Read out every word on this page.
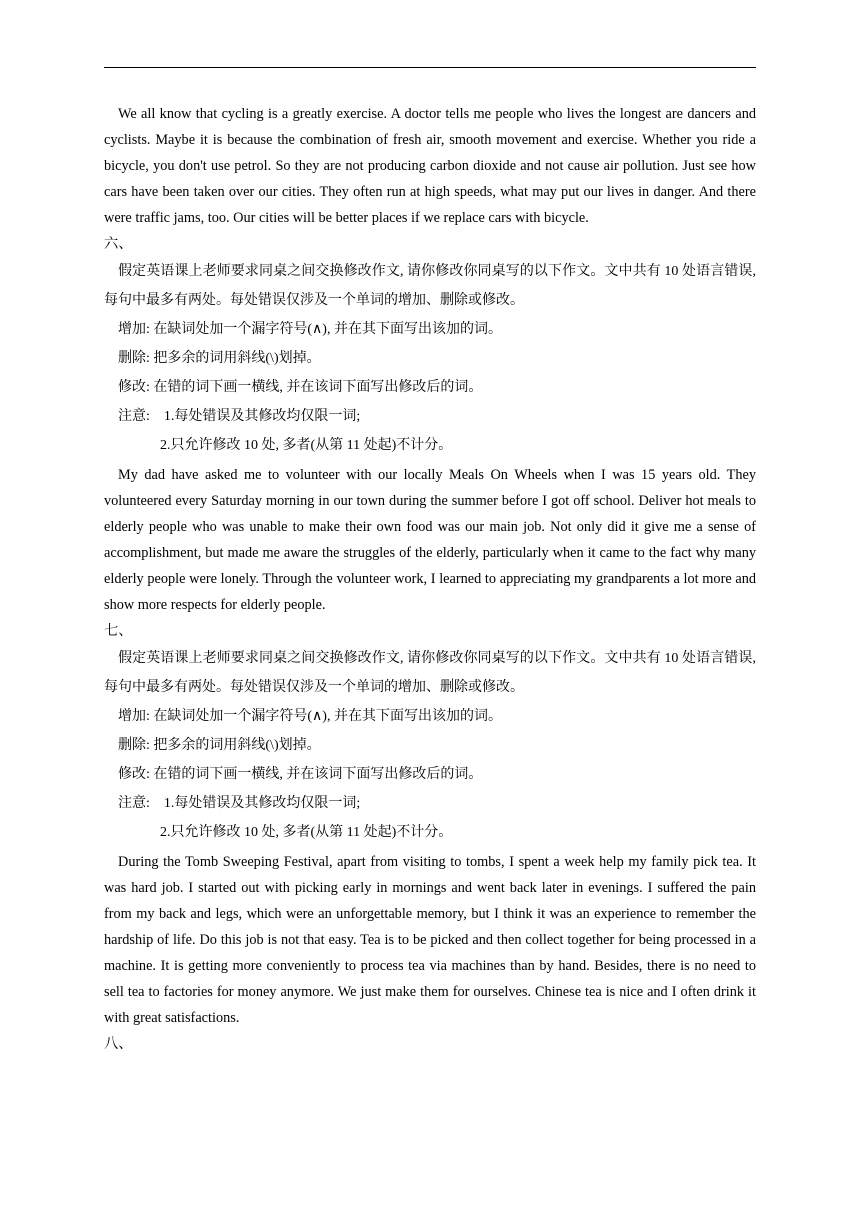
We all know that cycling is a greatly exercise. A doctor tells me people who lives the longest are dancers and cyclists. Maybe it is because the combination of fresh air, smooth movement and exercise. Whether you ride a bicycle, you don't use petrol. So they are not producing carbon dioxide and not cause air pollution. Just see how cars have been taken over our cities. They often run at high speeds, what may put our lives in danger. And there were traffic jams, too. Our cities will be better places if we replace cars with bicycle.

六、

假定英语课上老师要求同桌之间交换修改作文, 请你修改你同桌写的以下作文。文中共有 10 处语言错误, 每句中最多有两处。每处错误仅涉及一个单词的增加、删除或修改。

增加: 在缺词处加一个漏字符号(∧), 并在其下面写出该加的词。

删除: 把多余的词用斜线(\)划掉。

修改: 在错的词下画一横线, 并在该词下面写出修改后的词。

注意:    1.每处错误及其修改均仅限一词;

2.只允许修改 10 处, 多者(从第 11 处起)不计分。

My dad have asked me to volunteer with our locally Meals On Wheels when I was 15 years old. They volunteered every Saturday morning in our town during the summer before I got off school. Deliver hot meals to elderly people who was unable to make their own food was our main job. Not only did it give me a sense of accomplishment, but made me aware the struggles of the elderly, particularly when it came to the fact why many elderly people were lonely. Through the volunteer work, I learned to appreciating my grandparents a lot more and show more respects for elderly people.

七、

假定英语课上老师要求同桌之间交换修改作文, 请你修改你同桌写的以下作文。文中共有 10 处语言错误, 每句中最多有两处。每处错误仅涉及一个单词的增加、删除或修改。

增加: 在缺词处加一个漏字符号(∧), 并在其下面写出该加的词。

删除: 把多余的词用斜线(\)划掉。

修改: 在错的词下画一横线, 并在该词下面写出修改后的词。

注意:    1.每处错误及其修改均仅限一词;

2.只允许修改 10 处, 多者(从第 11 处起)不计分。

During the Tomb Sweeping Festival, apart from visiting to tombs, I spent a week help my family pick tea. It was hard job. I started out with picking early in mornings and went back later in evenings. I suffered the pain from my back and legs, which were an unforgettable memory, but I think it was an experience to remember the hardship of life. Do this job is not that easy. Tea is to be picked and then collect together for being processed in a machine. It is getting more conveniently to process tea via machines than by hand. Besides, there is no need to sell tea to factories for money anymore. We just make them for ourselves. Chinese tea is nice and I often drink it with great satisfactions.

八、
